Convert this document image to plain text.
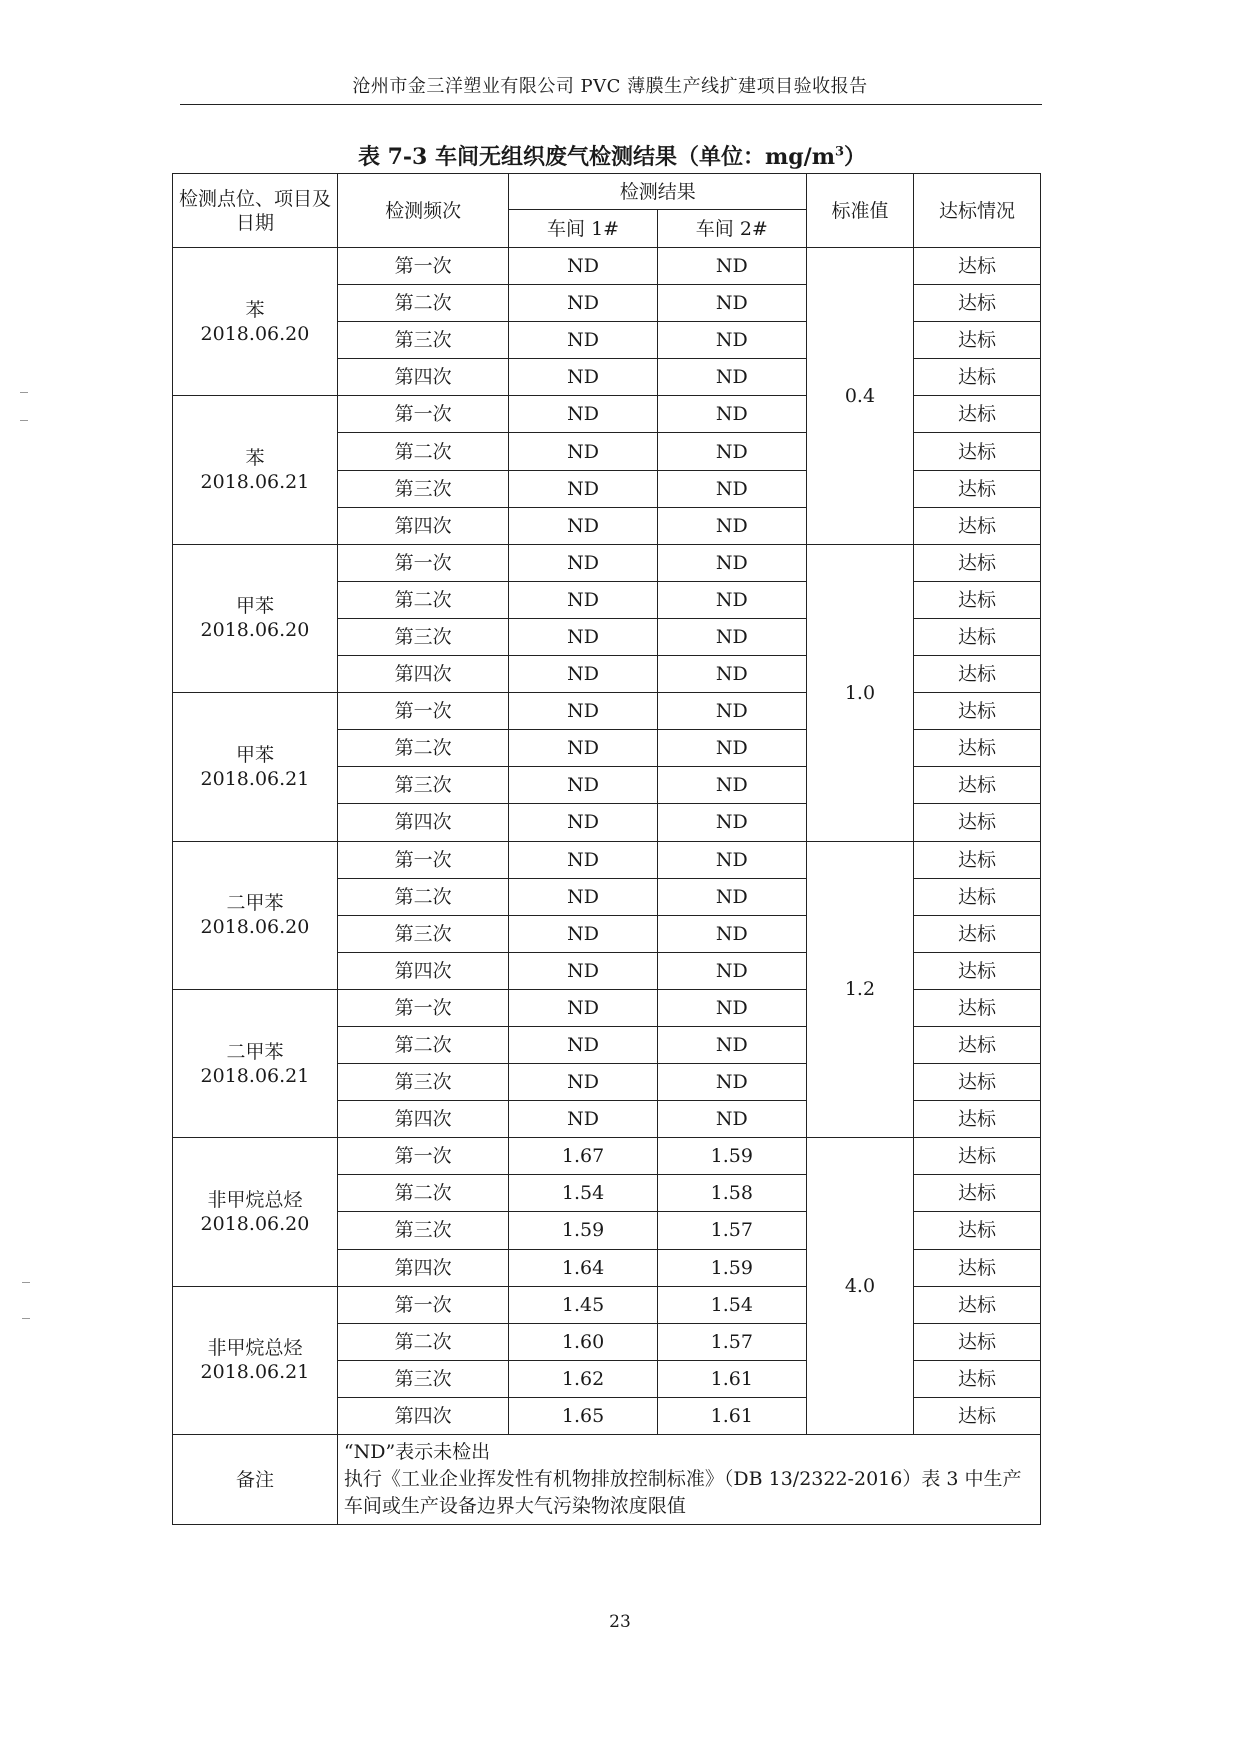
沧州市金三洋塑业有限公司 PVC 薄膜生产线扩建项目验收报告
表 7-3 车间无组织废气检测结果（单位：$mg/m^3$）
检测点位、项目及日期	检测频次	检测结果		标准值	达标情况
		车间 1#	车间 2#		

苯
2018.06.20	第一次	ND	ND	0.4	达标
	第二次	ND	ND		达标
	第三次	ND	ND		达标
	第四次	ND	ND		达标

苯
2018.06.21	第一次	ND	ND		达标
	第二次	ND	ND		达标
	第三次	ND	ND		达标
	第四次	ND	ND		达标

甲苯
2018.06.20	第一次	ND	ND	1.0	达标
	第二次	ND	ND		达标
	第三次	ND	ND		达标
	第四次	ND	ND		达标

甲苯
2018.06.21	第一次	ND	ND		达标
	第二次	ND	ND		达标
	第三次	ND	ND		达标
	第四次	ND	ND		达标

二甲苯
2018.06.20	第一次	ND	ND	1.2	达标
	第二次	ND	ND		达标
	第三次	ND	ND		达标
	第四次	ND	ND		达标

二甲苯
2018.06.21	第一次	ND	ND		达标
	第二次	ND	ND		达标
	第三次	ND	ND		达标
	第四次	ND	ND		达标

非甲烷总烃
2018.06.20	第一次	1.67	1.59	4.0	达标
	第二次	1.54	1.58		达标
	第三次	1.59	1.57		达标
	第四次	1.64	1.59		达标

非甲烷总烃
2018.06.21	第一次	1.45	1.54		达标
	第二次	1.60	1.57		达标
	第三次	1.62	1.61		达标
	第四次	1.65	1.61		达标
备注	“ND”表示未检出
执行《工业企业挥发性有机物排放控制标准》（DB 13/2322-2016）表 3 中生产车间或生产设备边界大气污染物浓度限值				
23
